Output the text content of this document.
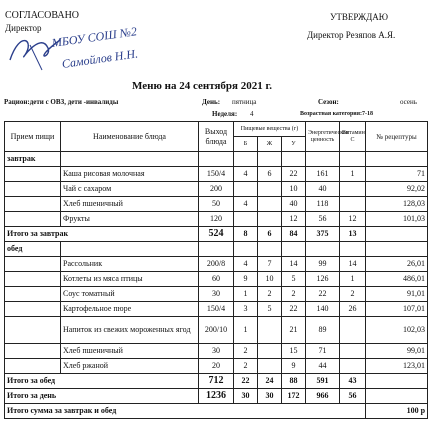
СОГЛАСОВАНО
Директор МБОУ СОШ №2
Самойлов Н.Н.
УТВЕРЖДАЮ
Директор Резяпов А.Я.
Меню на 24 сентября 2021 г.
Рацион:дети с ОВЗ, дети -инвалиды	День: пятница	Сезон:	осень
Неделя: 4	Возрастная категория:7-18
Прием пищи	Наименование блюда	Выход блюда	Пищевые вещества (г)			Энергетическая ценность	Витамин С	№ рецептуры
			Б	Ж	У			
завтрак								
	Каша рисовая молочная	150/4	4	6	22	161	1	71
	Чай с сахаром	200			10	40		92,02
	Хлеб пшеничный	50	4		40	118		128,03
	Фрукты	120			12	56	12	101,03
Итого за завтрак		524	8	6	84	375	13	
обед								
	Рассольник	200/8	4	7	14	99	14	26,01
	Котлеты из мяса птицы	60	9	10	5	126	1	486,01
	Соус томатный	30	1	2	2	22	2	91,01
	Картофельное пюре	150/4	3	5	22	140	26	107,01
	Напиток из свежих мороженных ягод	200/10	1		21	89		102,03
	Хлеб пшеничный	30	2		15	71		99,01
	Хлеб ржаной	20	2		9	44		123,01
Итого за обед		712	22	24	88	591	43	
Итого за день		1236	30	30	172	966	56	
Итого сумма за завтрак и обед								100 р
